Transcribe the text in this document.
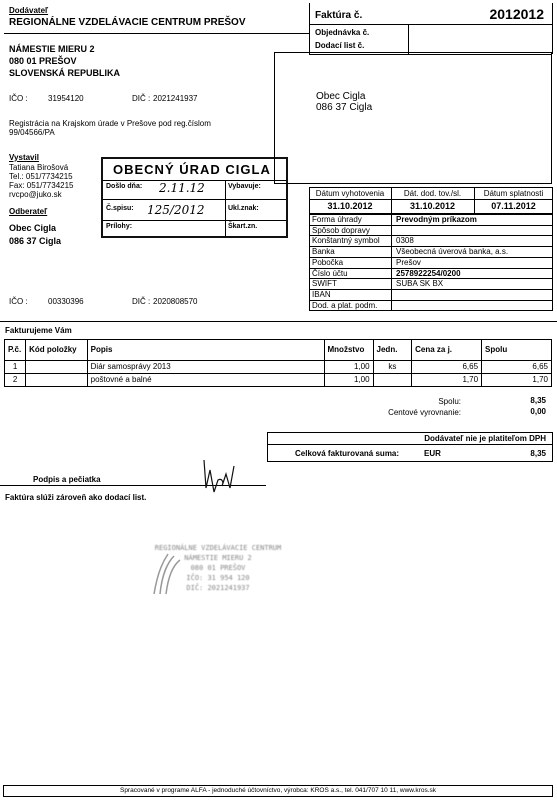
Dodávateľ
REGIONÁLNE VZDELÁVACIE CENTRUM PREŠOV
NÁMESTIE MIERU 2
080 01 PREŠOV
SLOVENSKÁ REPUBLIKA
IČO :	31954120	DIČ : 2021241937
Registrácia na Krajskom úrade v Prešove pod reg.číslom
99/04566/PA
Vystavil
Tatiana Birošová
Tel.: 051/7734215
Fax: 051/7734215
rvcpo@juko.sk
Odberateľ
Obec Cigla
086 37 Cigla
IČO :	00330396	DIČ : 2020808570
OBECNÝ ÚRAD CIGLA
Došlo dňa: 2.11.12	Vybavuje:
Č.spisu: 125/2012	Ukl.znak:
Prílohy:	Škart.zn.
Faktúra č.	2012012
Objednávka č.
Dodací list č.
Obec Cigla
086 37 Cigla
Dátum vyhotovenia	Dát. dod. tov./sl.	Dátum splatnosti
31.10.2012	31.10.2012	07.11.2012
Forma úhrady	Prevodným príkazom
Spôsob dopravy
Konštantný symbol 0308
Banka	Všeobecná úverová banka, a.s.
Pobočka	Prešov
Číslo účtu	2578922254/0200
SWIFT	SUBA SK BX
IBAN
Dod. a plat. podm.
Fakturujeme Vám
P.č.	Kód položky	Popis	Množstvo	Jedn.	Cena za j.	Spolu
1		Diár samosprávy 2013	1,00	ks	6,65	6,65
2		poštovné a balné	1,00		1,70	1,70
Spolu:	8,35
Centové vyrovnanie:	0,00
Dodávateľ nie je platiteľom DPH
Celková fakturovaná suma:	EUR	8,35
Podpis a pečiatka
Faktúra slúži zároveň ako dodací list.
REGIONÁLNE VZDELÁVACIE CENTRUM
NÁMESTIE MIERU 2
080 01 PREŠOV
IČO: 31 954 120
DIČ: 2021241937
Spracované v programe ALFA - jednoduché účtovníctvo, výrobca: KROS a.s., tel. 041/707 10 11, www.kros.sk
